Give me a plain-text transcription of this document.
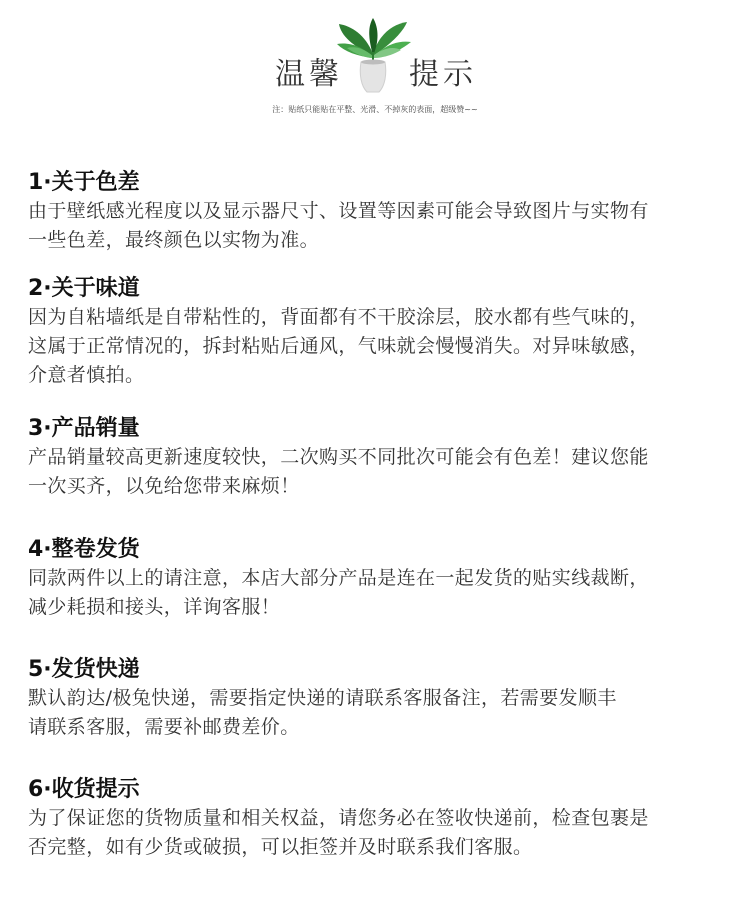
温馨 提示
注：贴纸只能贴在平整、光滑、不掉灰的表面，超级赞~~

1·关于色差

由于壁纸感光程度以及显示器尺寸、设置等因素可能会导致图片与实物有

一些色差，最终颜色以实物为准。

2·关于味道

因为自粘墙纸是自带粘性的，背面都有不干胶涂层，胶水都有些气味的，

这属于正常情况的，拆封粘贴后通风，气味就会慢慢消失。对异味敏感，

介意者慎拍。

3·产品销量

产品销量较高更新速度较快，二次购买不同批次可能会有色差！建议您能

一次买齐，以免给您带来麻烦！

4·整卷发货

同款两件以上的请注意，本店大部分产品是连在一起发货的贴实线裁断，

减少耗损和接头，详询客服！

5·发货快递

默认韵达/极兔快递，需要指定快递的请联系客服备注，若需要发顺丰

请联系客服，需要补邮费差价。

6·收货提示

为了保证您的货物质量和相关权益，请您务必在签收快递前，检查包裹是

否完整，如有少货或破损，可以拒签并及时联系我们客服。
